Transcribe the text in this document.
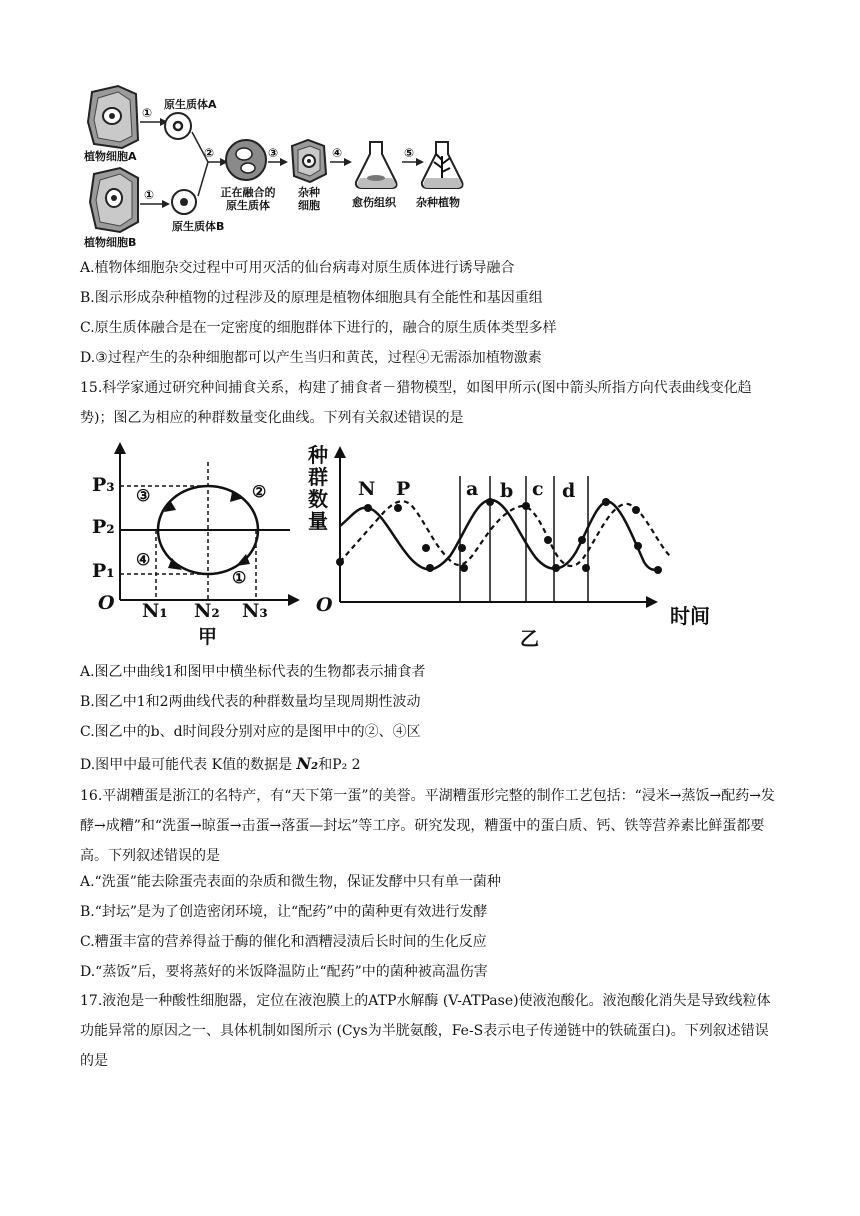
植物细胞A
植物细胞B
原生质体A
原生质体B
①
①
②	③	④	⑤
正在融合的原生质体
杂种细胞	愈伤组织 杂种植物
A.植物体细胞杂交过程中可用灭活的仙台病毒对原生质体进行诱导融合
B.图示形成杂种植物的过程涉及的原理是植物体细胞具有全能性和基因重组
C.原生质体融合是在一定密度的细胞群体下进行的，融合的原生质体类型多样
D.③过程产生的杂种细胞都可以产生当归和黄芪，过程④无需添加植物激素
15.科学家通过研究种间捕食关系，构建了捕食者－猎物模型，如图甲所示(图中箭头所指方向代表曲线变化趋势)；图乙为相应的种群数量变化曲线。下列有关叙述错误的是
P₃
P₂
P₁
O N₁ N₂ N₃
甲
①
②
③
④
种群数量
O
N P	a b c d
时间
乙
A.图乙中曲线1和图甲中横坐标代表的生物都表示捕食者
B.图乙中1和2两曲线代表的种群数量均呈现周期性波动
C.图乙中的b、d时间段分别对应的是图甲中的②、④区
D.图甲中最可能代表 K值的数据是 N₂和P₂ 2
16.平湖糟蛋是浙江的名特产，有“天下第一蛋”的美誉。平湖糟蛋形完整的制作工艺包括：“浸米→蒸饭→配药→发酵→成糟”和“洗蛋→晾蛋→击蛋→落蛋—封坛”等工序。研究发现，糟蛋中的蛋白质、钙、铁等营养素比鲜蛋都要高。下列叙述错误的是
A.“洗蛋”能去除蛋壳表面的杂质和微生物，保证发酵中只有单一菌种
B.“封坛”是为了创造密闭环境，让“配药”中的菌种更有效进行发酵
C.糟蛋丰富的营养得益于酶的催化和酒糟浸渍后长时间的生化反应
D.“蒸饭”后，要将蒸好的米饭降温防止“配药”中的菌种被高温伤害
17.液泡是一种酸性细胞器，定位在液泡膜上的ATP水解酶 (V-ATPase)使液泡酸化。液泡酸化消失是导致线粒体功能异常的原因之一、具体机制如图所示 (Cys为半胱氨酸，Fe-S表示电子传递链中的铁硫蛋白)。下列叙述错误的是
